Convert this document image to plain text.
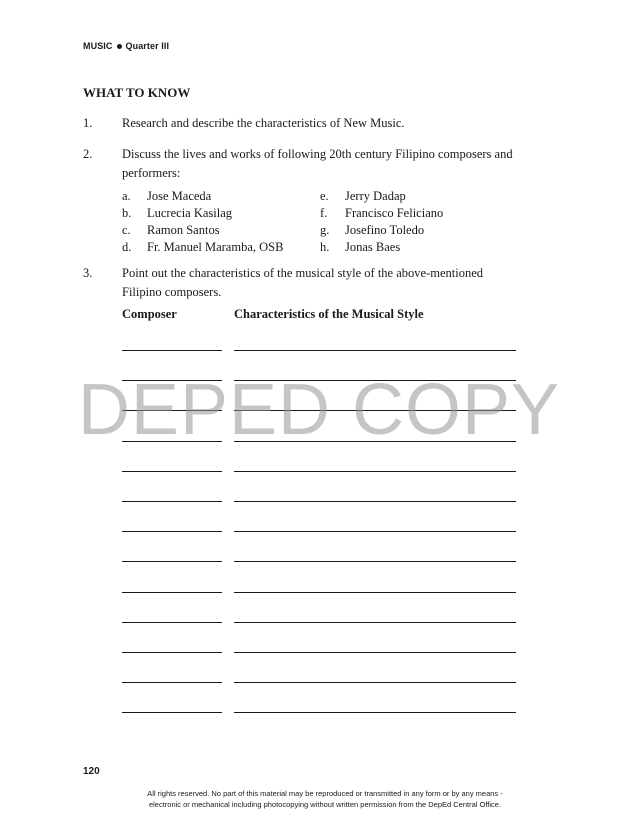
MUSIC Quarter III
WHAT TO KNOW
1. Research and describe the characteristics of New Music.
2. Discuss the lives and works of following 20th century Filipino composers and performers:
a. Jose Maceda
b. Lucrecia Kasilag
c. Ramon Santos
d. Fr. Manuel Maramba, OSB
e. Jerry Dadap
f. Francisco Feliciano
g. Josefino Toledo
h. Jonas Baes
3. Point out the characteristics of the musical style of the above-mentioned Filipino composers.
Composer	Characteristics of the Musical Style
DEPED COPY
120
All rights reserved. No part of this material may be reproduced or transmitted in any form or by any means -
electronic or mechanical including photocopying without written permission from the DepEd Central Office.
